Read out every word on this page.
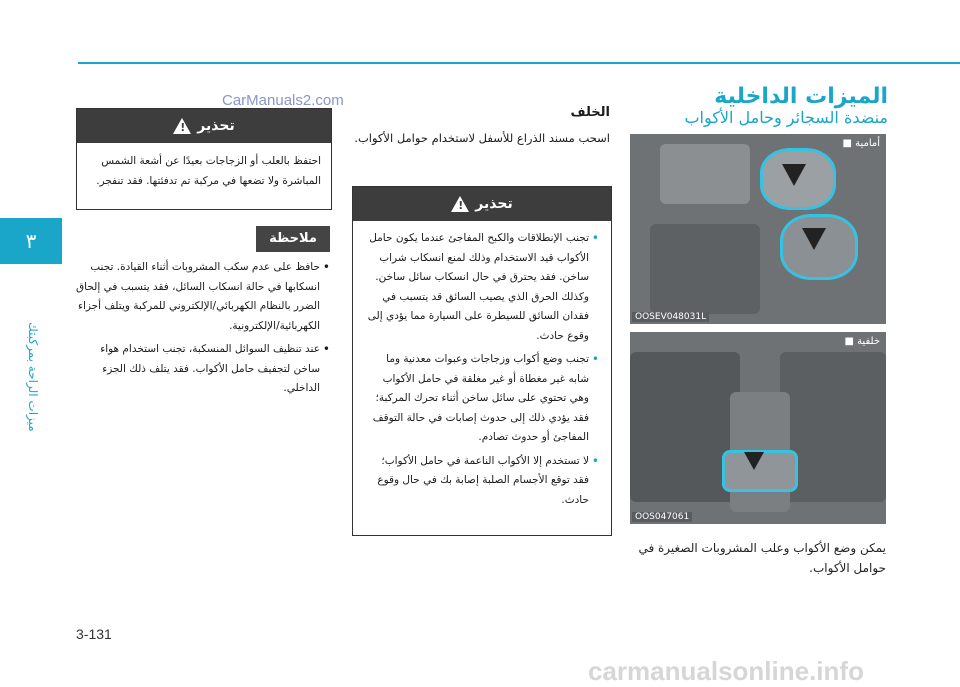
٣
ميزات الراحة بمركبتك
الميزات الداخلية
منضدة السجائر وحامل الأكواب
أمامية ■
OOSEV048031L
خلفية ■
OOS047061
يمكن وضع الأكواب وعلب المشروبات الصغيرة في حوامل الأكواب.
الخلف
اسحب مسند الذراع للأسفل لاستخدام حوامل الأكواب.
تحذير
!
• تجنب الإنطلاقات والكبح المفاجئ عندما يكون حامل الأكواب قيد الاستخدام وذلك لمنع انسكاب شراب ساخن. فقد يحترق في حال انسكاب سائل ساخن. وكذلك الحرق الذي يصيب السائق قد يتسبب في فقدان السائق للسيطرة على السيارة مما يؤدي إلى وقوع حادث.
• تجنب وضع أكواب وزجاجات وعبوات معدنية وما شابه غير مغطاة أو غير مغلقة في حامل الأكواب وهي تحتوي على سائل ساخن أثناء تحرك المركبة؛ فقد يؤدي ذلك إلى حدوث إصابات في حالة التوقف المفاجئ أو حدوث تصادم.
• لا تستخدم إلا الأكواب الناعمة في حامل الأكواب؛ فقد توقع الأجسام الصلبة إصابة بك في حال وقوع حادث.
تحذير
!

احتفظ بالعلب أو الزجاجات بعيدًا عن أشعة الشمس المباشرة ولا تضعها في مركبة تم تدفئتها. فقد تنفجر.

ملاحظة
• حافظ على عدم سكب المشروبات أثناء القيادة. تجنب انسكابها في حالة انسكاب السائل، فقد يتسبب في إلحاق الضرر بالنظام الكهربائي/الإلكتروني للمركبة ويتلف أجزاء الكهربائية/الإلكترونية.
• عند تنظيف السوائل المنسكبة، تجنب استخدام هواء ساخن لتجفيف حامل الأكواب. فقد يتلف ذلك الجزء الداخلي.
CarManuals2.com
3-131
carmanualsonline.info
